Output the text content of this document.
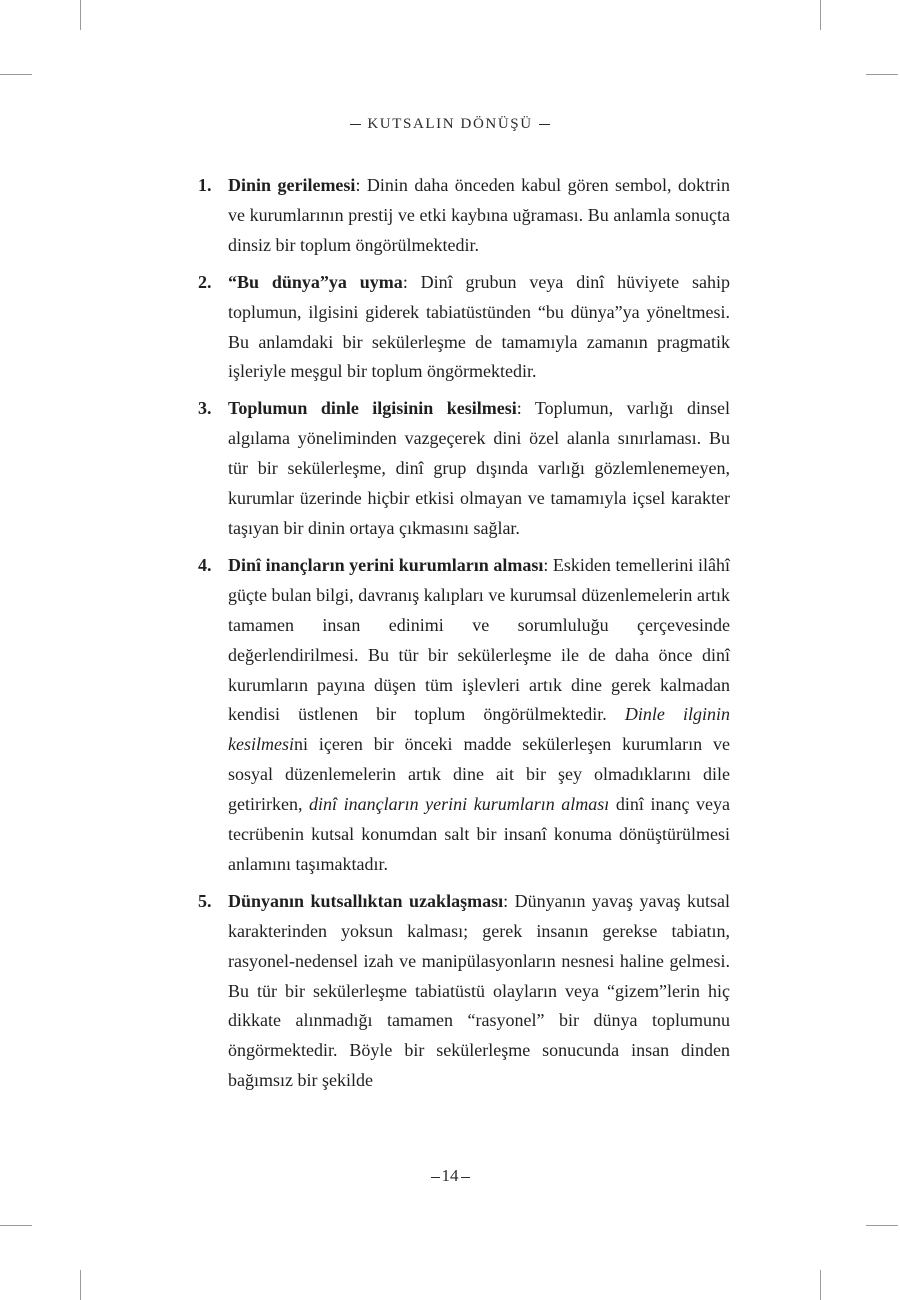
KUTSALIN DÖNÜŞÜ
1. Dinin gerilemesi: Dinin daha önceden kabul gören sembol, doktrin ve kurumlarının prestij ve etki kaybına uğraması. Bu anlamla sonuçta dinsiz bir toplum öngörülmektedir.
2. “Bu dünya”ya uyma: Dinî grubun veya dinî hüviyete sahip toplumun, ilgisini giderek tabiatüstünden “bu dünya”ya yöneltmesi. Bu anlamdaki bir sekülerleşme de tamamıyla zamanın pragmatik işleriyle meşgul bir toplum öngörmektedir.
3. Toplumun dinle ilgisinin kesilmesi: Toplumun, varlığı dinsel algılama yöneliminden vazgeçerek dini özel alanla sınırlaması. Bu tür bir sekülerleşme, dinî grup dışında varlığı gözlemlenemeyen, kurumlar üzerinde hiçbir etkisi olmayan ve tamamıyla içsel karakter taşıyan bir dinin ortaya çıkmasını sağlar.
4. Dinî inançların yerini kurumların alması: Eskiden temellerini ilâhî güçte bulan bilgi, davranış kalıpları ve kurumsal düzenlemelerin artık tamamen insan edinimi ve sorumluluğu çerçevesinde değerlendirilmesi. Bu tür bir sekülerleşme ile de daha önce dinî kurumların payına düşen tüm işlevleri artık dine gerek kalmadan kendisi üstlenen bir toplum öngörülmektedir. Dinle ilginin kesilmesini içeren bir önceki madde sekülerleşen kurumların ve sosyal düzenlemelerin artık dine ait bir şey olmadıklarını dile getirirken, dinî inançların yerini kurumların alması dinî inanç veya tecrübenin kutsal konumdan salt bir insanî konuma dönüştürülmesi anlamını taşımaktadır.
5. Dünyanın kutsallıktan uzaklaşması: Dünyanın yavaş yavaş kutsal karakterinden yoksun kalması; gerek insanın gerekse tabiatın, rasyonel-nedensel izah ve manipülasyonların nesnesi haline gelmesi. Bu tür bir sekülerleşme tabiatüstü olayların veya “gizem”lerin hiç dikkate alınmadığı tamamen “rasyonel” bir dünya toplumunu öngörmektedir. Böyle bir sekülerleşme sonucunda insan dinden bağımsız bir şekilde
14
